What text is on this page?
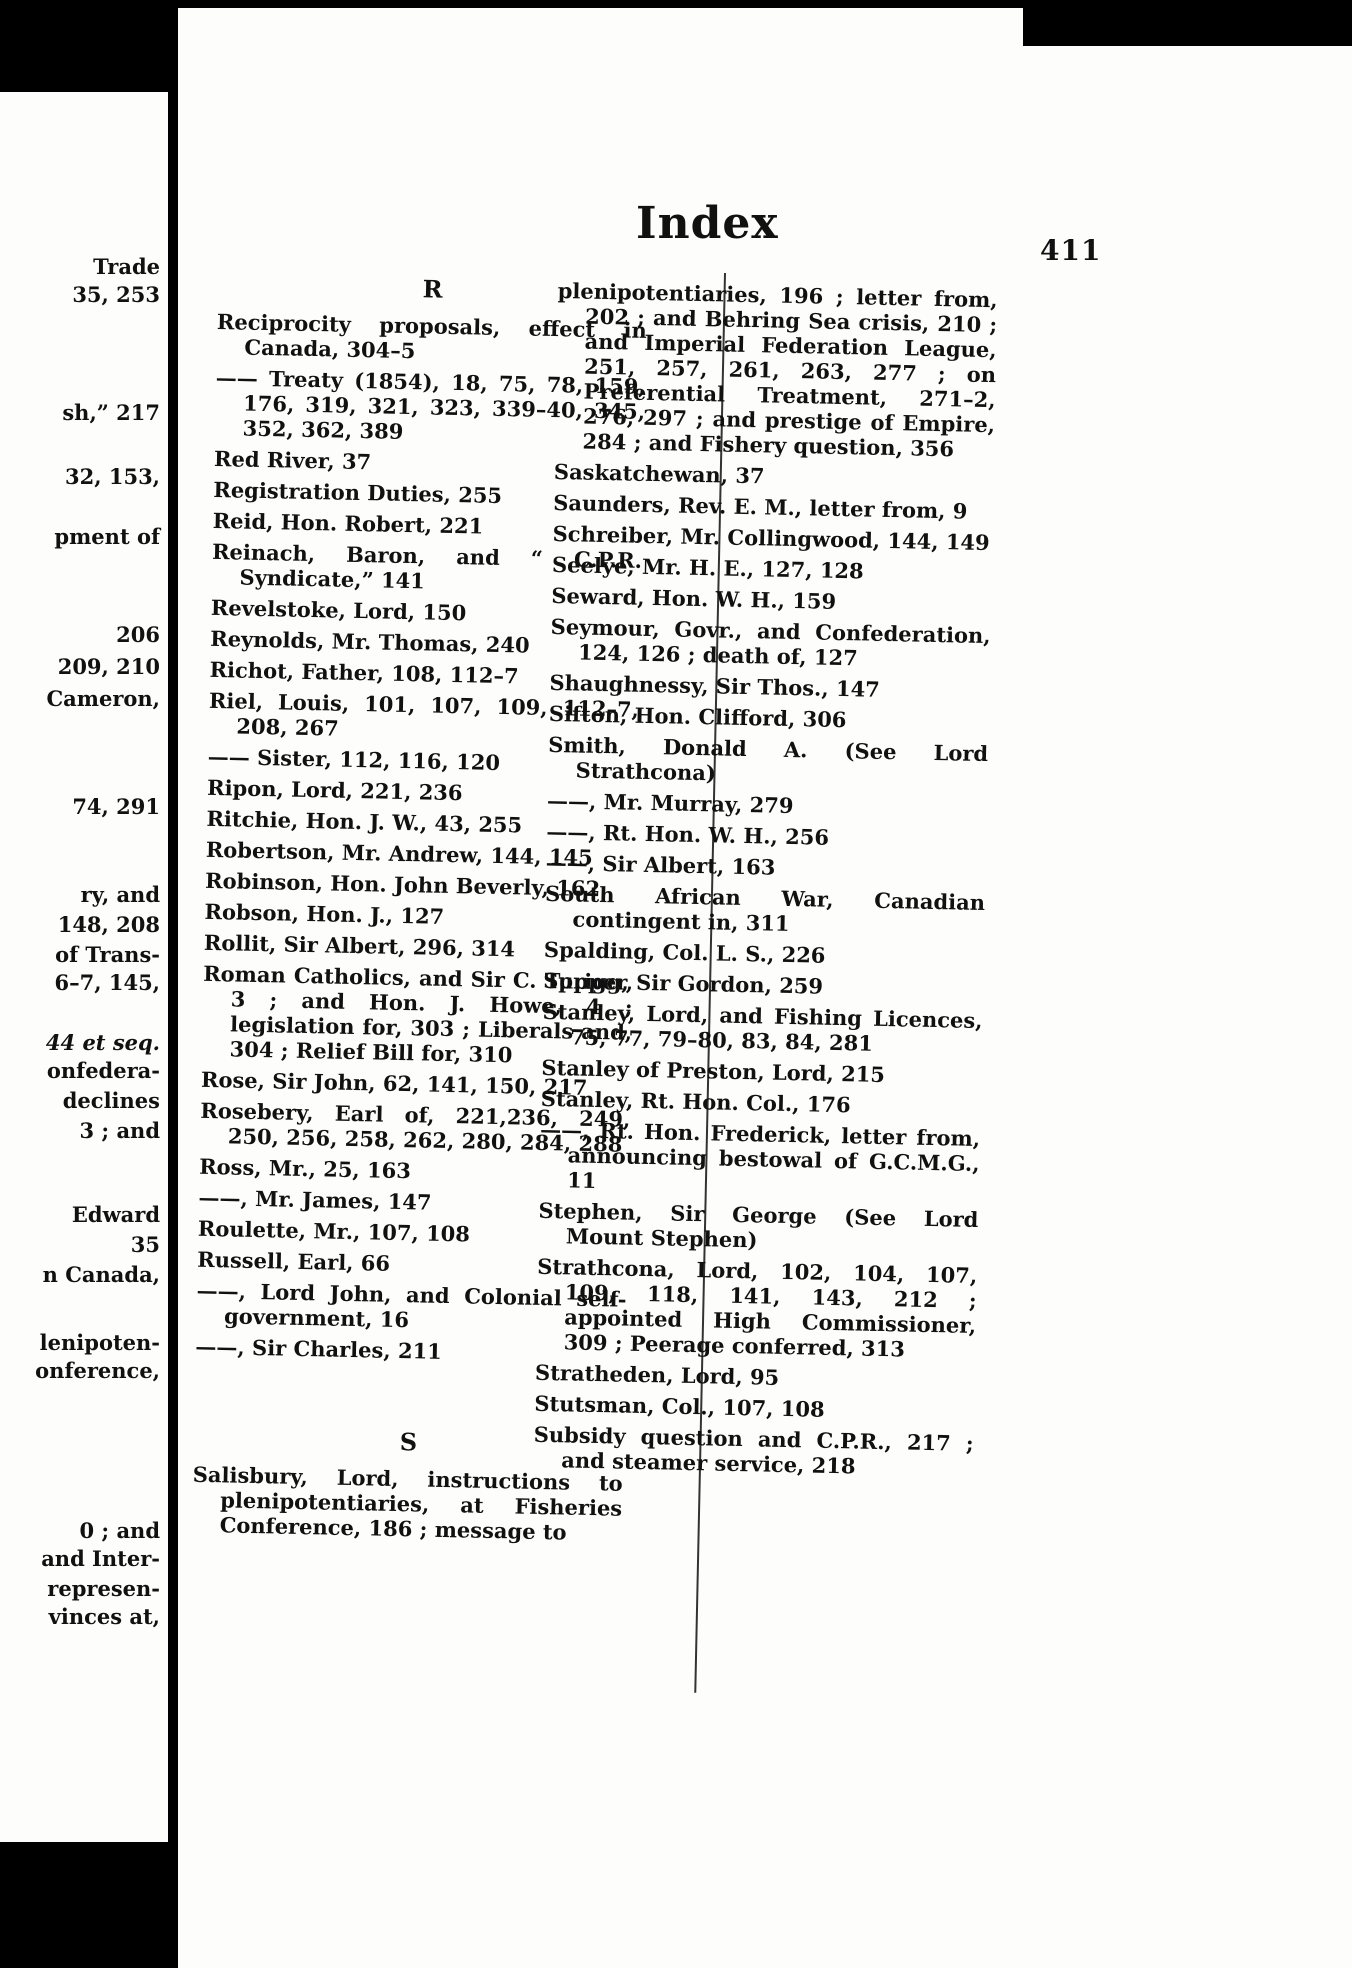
Trade
35, 253
sh,” 217
32, 153,
pment of
206
209, 210
Cameron,
74, 291
ry, and
148, 208
of Trans-
6–7, 145,
44 et seq.
onfedera-
declines
3 ; and
Edward
35
n Canada,
lenipoten-
onference,
0 ; and
and Inter-
represen-
vinces at,
Index
411
R
Reciprocity proposals, effect in Canada, 304–5
—— Treaty (1854), 18, 75, 78, 159, 176, 319, 321, 323, 339–40, 345, 352, 362, 389
Red River, 37
Registration Duties, 255
Reid, Hon. Robert, 221
Reinach, Baron, and “ C.P.R. Syndicate,” 141
Revelstoke, Lord, 150
Reynolds, Mr. Thomas, 240
Richot, Father, 108, 112–7
Riel, Louis, 101, 107, 109, 112–7, 208, 267
—— Sister, 112, 116, 120
Ripon, Lord, 221, 236
Ritchie, Hon. J. W., 43, 255
Robertson, Mr. Andrew, 144, 145
Robinson, Hon. John Beverly, 162
Robson, Hon. J., 127
Rollit, Sir Albert, 296, 314
Roman Catholics, and Sir C. Tupper, 3 ; and Hon. J. Howe, 4 ; legislation for, 303 ; Liberals and, 304 ; Relief Bill for, 310
Rose, Sir John, 62, 141, 150, 217
Rosebery, Earl of, 221,236, 249, 250, 256, 258, 262, 280, 284, 288
Ross, Mr., 25, 163
——, Mr. James, 147
Roulette, Mr., 107, 108
Russell, Earl, 66
——, Lord John, and Colonial self-government, 16
——, Sir Charles, 211
S
Salisbury, Lord, instructions to plenipotentiaries, at Fisheries Conference, 186 ; message to
plenipotentiaries, 196 ; letter from, 202 ; and Behring Sea crisis, 210 ; and Imperial Federation League, 251, 257, 261, 263, 277 ; on Preferential Treatment, 271–2, 276, 297 ; and prestige of Empire, 284 ; and Fishery question, 356
Saskatchewan, 37
Saunders, Rev. E. M., letter from, 9
Schreiber, Mr. Collingwood, 144, 149
Seelye, Mr. H. E., 127, 128
Seward, Hon. W. H., 159
Seymour, Govr., and Confederation, 124, 126 ; death of, 127
Shaughnessy, Sir Thos., 147
Sifton, Hon. Clifford, 306
Smith, Donald A. (See Lord Strathcona)
——, Mr. Murray, 279
——, Rt. Hon. W. H., 256
——, Sir Albert, 163
South African War, Canadian contingent in, 311
Spalding, Col. L. S., 226
Sprigg, Sir Gordon, 259
Stanley, Lord, and Fishing Licences, 75, 77, 79–80, 83, 84, 281
Stanley of Preston, Lord, 215
Stanley, Rt. Hon. Col., 176
——, Rt. Hon. Frederick, letter from, announcing bestowal of G.C.M.G., 11
Stephen, Sir George (See Lord Mount Stephen)
Strathcona, Lord, 102, 104, 107, 109, 118, 141, 143, 212 ; appointed High Commissioner, 309 ; Peerage conferred, 313
Stratheden, Lord, 95
Stutsman, Col., 107, 108
Subsidy question and C.P.R., 217 ; and steamer service, 218
